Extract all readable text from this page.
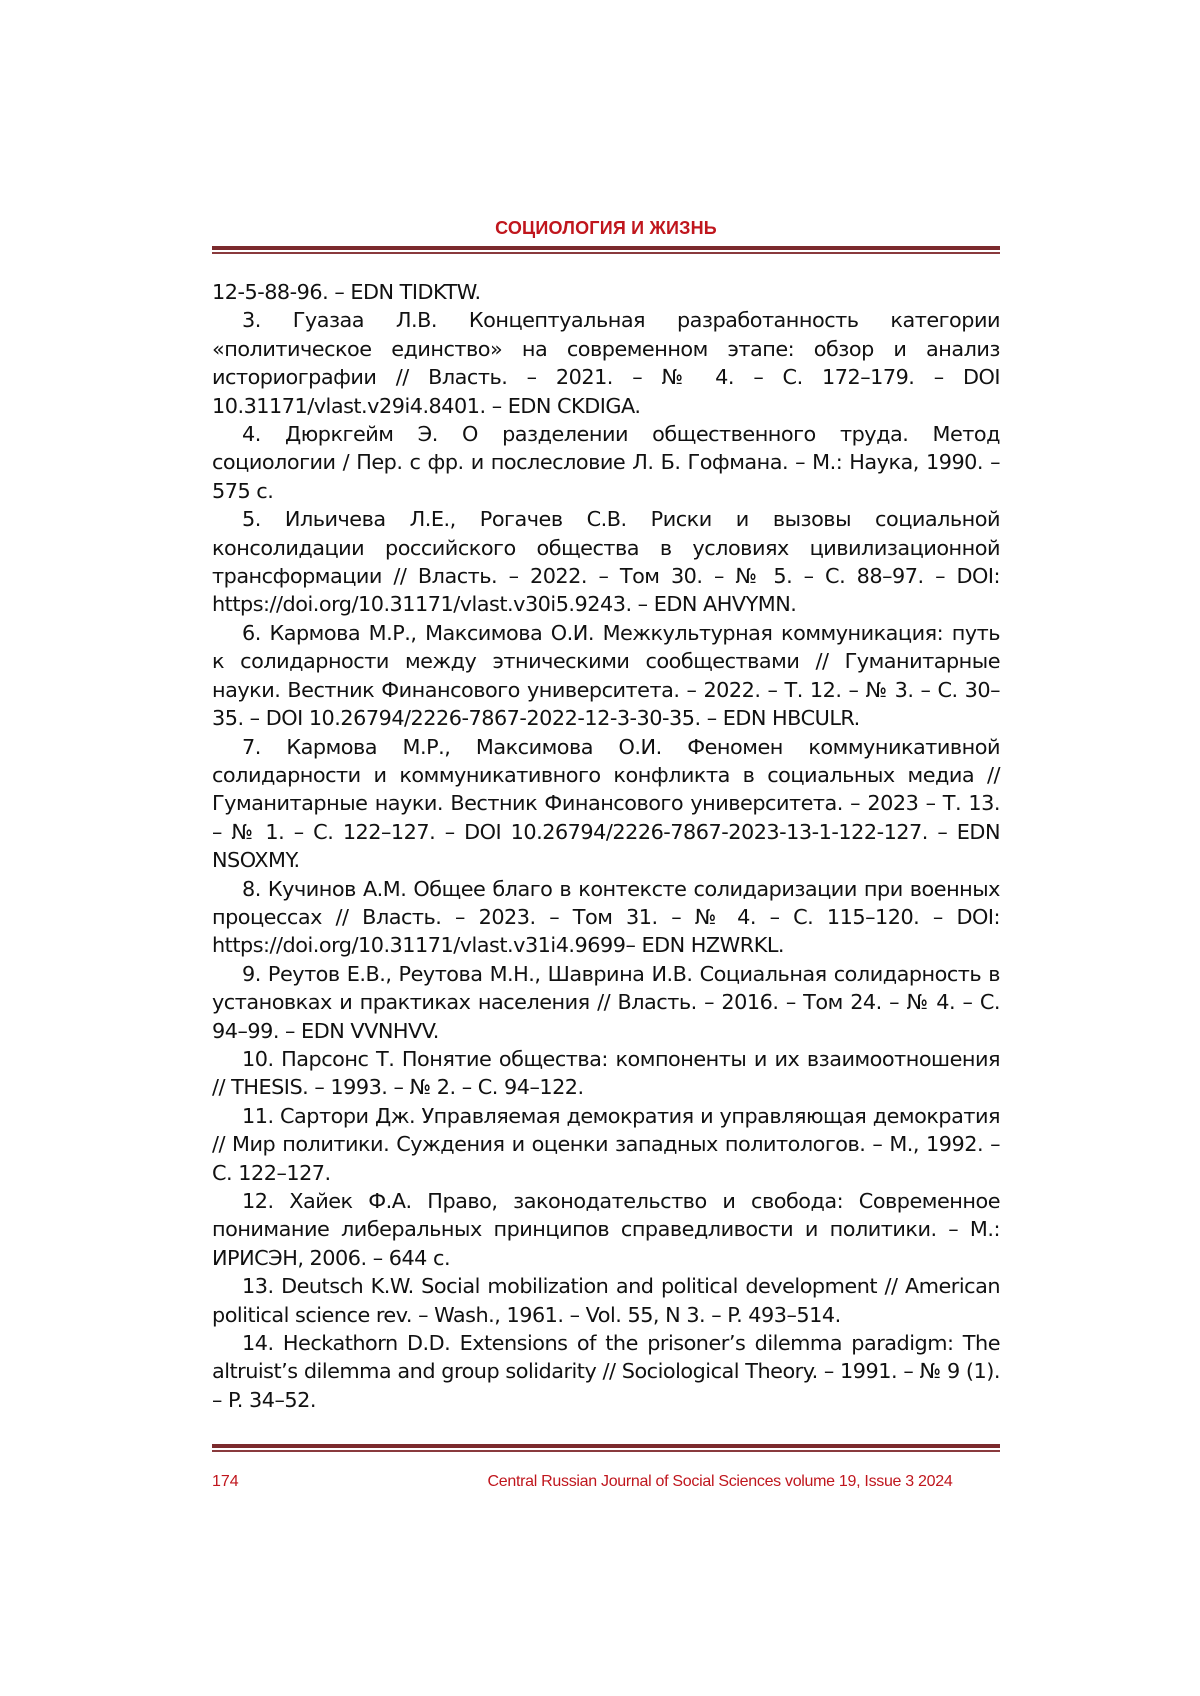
СОЦИОЛОГИЯ И ЖИЗНЬ

12-5-88-96. – EDN TIDKTW.

3. Гуазаа Л.В. Концептуальная разработанность категории «политическое единство» на современном этапе: обзор и анализ историографии // Власть. – 2021. – № 4. – С. 172–179. – DOI 10.31171/vlast.v29i4.8401. – EDN CKDIGA.

4. Дюркгейм Э. О разделении общественного труда. Метод социологии / Пер. с фр. и послесловие Л. Б. Гофмана. – М.: Наука, 1990. – 575 с.

5. Ильичева Л.Е., Рогачев С.В. Риски и вызовы социальной консолидации российского общества в условиях цивилизационной трансформации // Власть. – 2022. – Том 30. – № 5. – С. 88–97. – DOI: https://doi.org/10.31171/vlast.v30i5.9243. – EDN AHVYMN.

6. Кармова М.Р., Максимова О.И. Межкультурная коммуникация: путь к солидарности между этническими сообществами // Гуманитарные науки. Вестник Финансового университета. – 2022. – Т. 12. – № 3. – С. 30–35. – DOI 10.26794/2226-7867-2022-12-3-30-35. – EDN HBCULR.

7. Кармова М.Р., Максимова О.И. Феномен коммуникативной солидарности и коммуникативного конфликта в социальных медиа // Гуманитарные науки. Вестник Финансового университета. – 2023 – Т. 13. – № 1. – С. 122–127. – DOI 10.26794/2226-7867-2023-13-1-122-127. – EDN NSOXMY.

8. Кучинов А.М. Общее благо в контексте солидаризации при военных процессах // Власть. – 2023. – Том 31. – № 4. – С. 115–120. – DOI: https://doi.org/10.31171/vlast.v31i4.9699– EDN HZWRKL.

9. Реутов Е.В., Реутова М.Н., Шаврина И.В. Социальная солидарность в установках и практиках населения // Власть. – 2016. – Том 24. – № 4. – С. 94–99. – EDN VVNHVV.

10. Парсонс Т. Понятие общества: компоненты и их взаимоотношения // THESIS. – 1993. – № 2. – С. 94–122.

11. Сартори Дж. Управляемая демократия и управляющая демократия // Мир политики. Суждения и оценки западных политологов. – М., 1992. – С. 122–127.

12. Хайек Ф.А. Право, законодательство и свобода: Современное понимание либеральных принципов справедливости и политики. – М.: ИРИСЭН, 2006. – 644 с.

13. Deutsch K.W. Social mobilization and political development // American political science rev. – Wash., 1961. – Vol. 55, N 3. – P. 493–514.

14. Heckathorn D.D. Extensions of the prisoner’s dilemma paradigm: The altruist’s dilemma and group solidarity // Sociological Theory. – 1991. – № 9 (1). – P. 34–52.

174	Central Russian Journal of Social Sciences volume 19, Issue 3 2024
